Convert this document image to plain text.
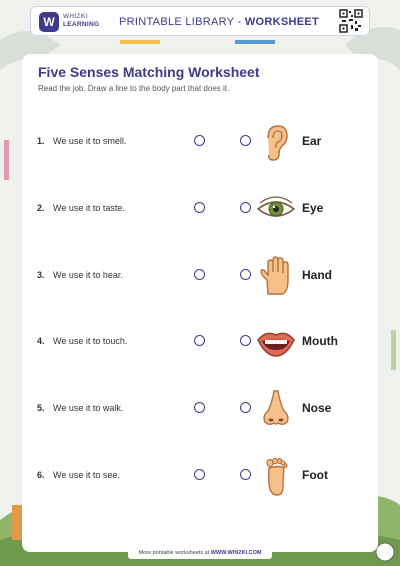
W	WHIZKI
LEARNING PRINTABLE LIBRARY - WORKSHEET
Five Senses Matching Worksheet
Read the job. Draw a line to the body part that does it.
1. We use it to smell.	Ear
2. We use it to taste.	Eye
3. We use it to hear.	Hand
4. We use it to touch.	Mouth
5. We use it to walk.	Nose
6. We use it to see.	Foot
More printable worksheets at WWW.WHIZKI.COM
